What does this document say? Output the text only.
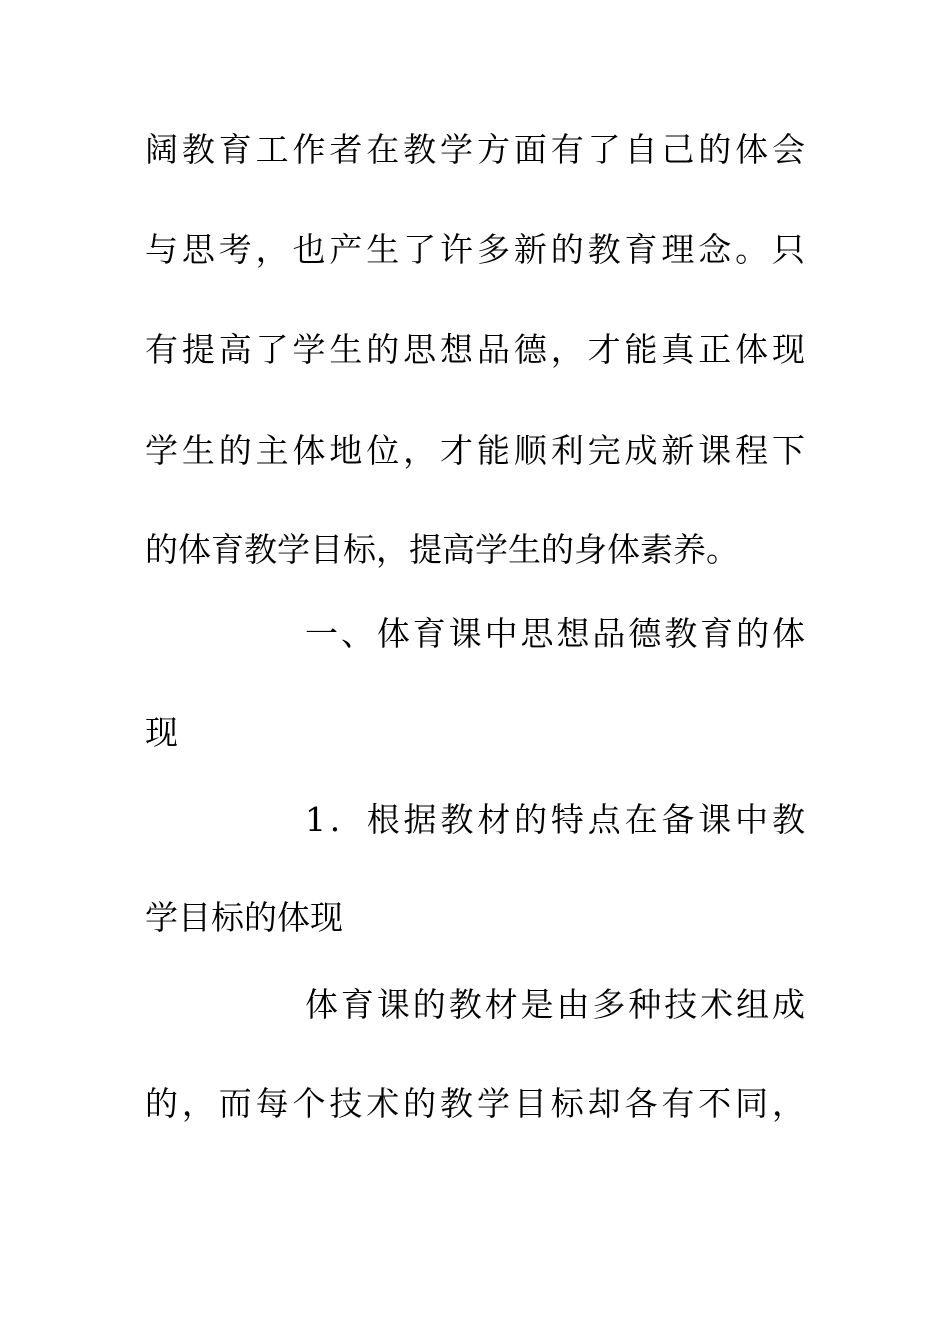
阔教育工作者在教学方面有了自己的体会
与思考，也产生了许多新的教育理念。只
有提高了学生的思想品德，才能真正体现
学生的主体地位，才能顺利完成新课程下
的体育教学目标，提高学生的身体素养。
一、体育课中思想品德教育的体
现
1．根据教材的特点在备课中教
学目标的体现
体育课的教材是由多种技术组成
的，而每个技术的教学目标却各有不同，
